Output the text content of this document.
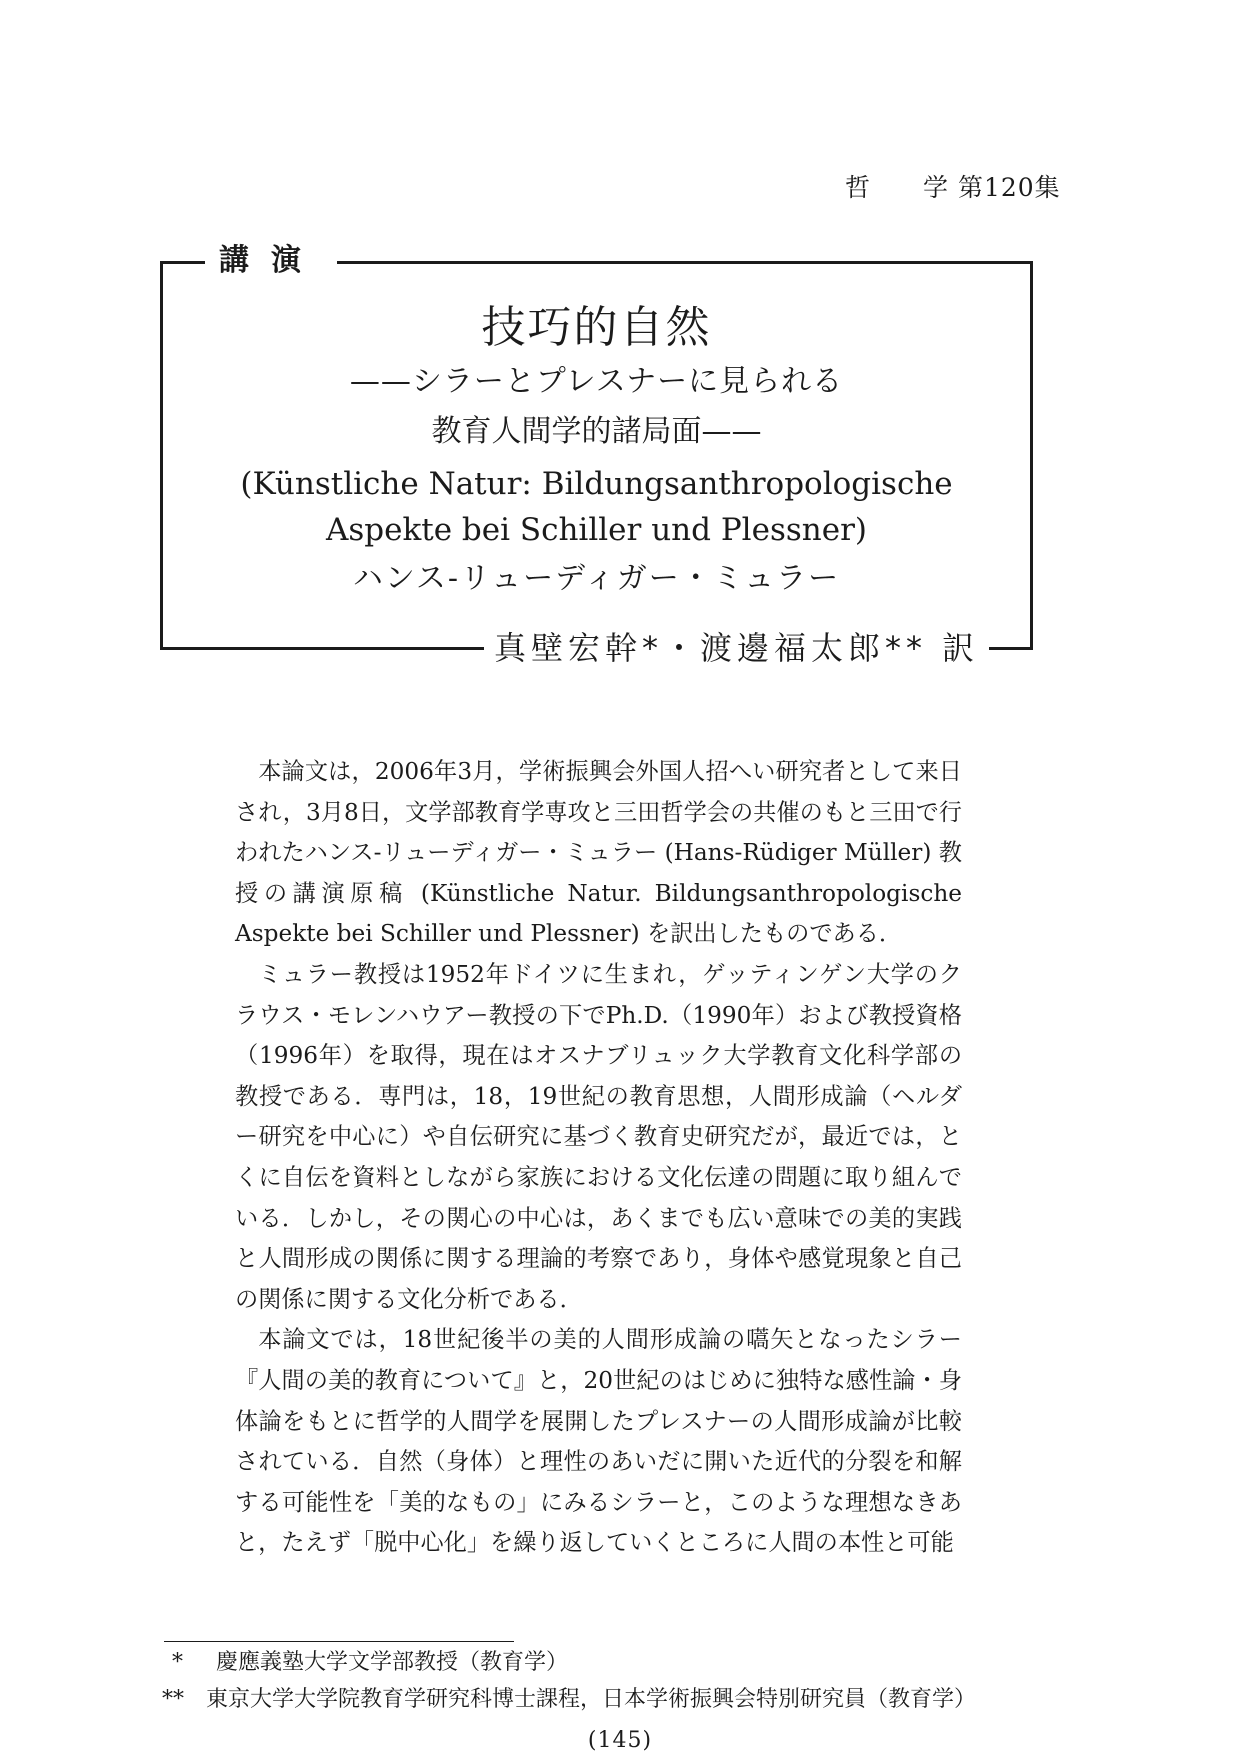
哲　　学 第120集
講演
技巧的自然
——シラーとプレスナーに見られる
教育人間学的諸局面——
(Künstliche Natur: Bildungsanthropologische
Aspekte bei Schiller und Plessner)
ハンス-リューディガー・ミュラー
真壁宏幹*・渡邊福太郎** 訳

本論文は，2006年3月，学術振興会外国人招へい研究者として来日され，3月8日，文学部教育学専攻と三田哲学会の共催のもと三田で行われたハンス-リューディガー・ミュラー (Hans-Rüdiger Müller) 教授の講演原稿 (Künstliche Natur. Bildungsanthropologische Aspekte bei Schiller und Plessner) を訳出したものである．

ミュラー教授は1952年ドイツに生まれ，ゲッティンゲン大学のクラウス・モレンハウアー教授の下でPh.D.（1990年）および教授資格（1996年）を取得，現在はオスナブリュック大学教育文化科学部の教授である．専門は，18，19世紀の教育思想，人間形成論（ヘルダー研究を中心に）や自伝研究に基づく教育史研究だが，最近では，とくに自伝を資料としながら家族における文化伝達の問題に取り組んでいる．しかし，その関心の中心は，あくまでも広い意味での美的実践と人間形成の関係に関する理論的考察であり，身体や感覚現象と自己の関係に関する文化分析である．

本論文では，18世紀後半の美的人間形成論の嚆矢となったシラー『人間の美的教育について』と，20世紀のはじめに独特な感性論・身体論をもとに哲学的人間学を展開したプレスナーの人間形成論が比較されている．自然（身体）と理性のあいだに開いた近代的分裂を和解する可能性を「美的なもの」にみるシラーと，このような理想なきあと，たえず「脱中心化」を繰り返していくところに人間の本性と可能

* 慶應義塾大学文学部教授（教育学）
** 東京大学大学院教育学研究科博士課程，日本学術振興会特別研究員（教育学）
(145)
